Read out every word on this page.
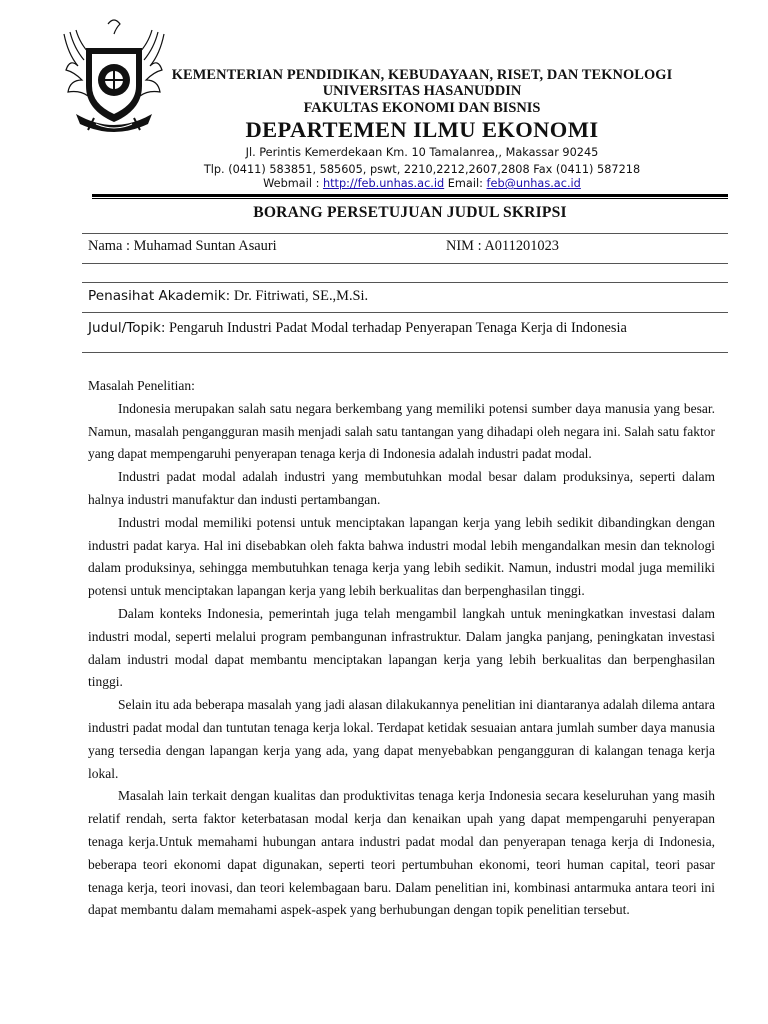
KEMENTERIAN PENDIDIKAN, KEBUDAYAAN, RISET, DAN TEKNOLOGI
UNIVERSITAS HASANUDDIN
FAKULTAS EKONOMI DAN BISNIS
DEPARTEMEN ILMU EKONOMI
Jl. Perintis Kemerdekaan Km. 10 Tamalanrea,, Makassar 90245
Tlp. (0411) 583851, 585605, pswt, 2210,2212,2607,2808 Fax (0411) 587218
Webmail : http://feb.unhas.ac.id Email: feb@unhas.ac.id
BORANG PERSETUJUAN JUDUL SKRIPSI
Nama : Muhamad Suntan Asauri	NIM : A011201023
Penasihat Akademik: Dr. Fitriwati, SE.,M.Si.
Judul/Topik: Pengaruh Industri Padat Modal terhadap Penyerapan Tenaga Kerja di Indonesia

Masalah Penelitian:

Indonesia merupakan salah satu negara berkembang yang memiliki potensi sumber daya manusia yang besar. Namun, masalah pengangguran masih menjadi salah satu tantangan yang dihadapi oleh negara ini. Salah satu faktor yang dapat mempengaruhi penyerapan tenaga kerja di Indonesia adalah industri padat modal.

Industri padat modal adalah industri yang membutuhkan modal besar dalam produksinya, seperti dalam halnya industri manufaktur dan industi pertambangan.

Industri modal memiliki potensi untuk menciptakan lapangan kerja yang lebih sedikit dibandingkan dengan industri padat karya. Hal ini disebabkan oleh fakta bahwa industri modal lebih mengandalkan mesin dan teknologi dalam produksinya, sehingga membutuhkan tenaga kerja yang lebih sedikit. Namun, industri modal juga memiliki potensi untuk menciptakan lapangan kerja yang lebih berkualitas dan berpenghasilan tinggi.

Dalam konteks Indonesia, pemerintah juga telah mengambil langkah untuk meningkatkan investasi dalam industri modal, seperti melalui program pembangunan infrastruktur. Dalam jangka panjang, peningkatan investasi dalam industri modal dapat membantu menciptakan lapangan kerja yang lebih berkualitas dan berpenghasilan tinggi.

Selain itu ada beberapa masalah yang jadi alasan dilakukannya penelitian ini diantaranya adalah dilema antara industri padat modal dan tuntutan tenaga kerja lokal. Terdapat ketidak sesuaian antara jumlah sumber daya manusia yang tersedia dengan lapangan kerja yang ada, yang dapat menyebabkan pengangguran di kalangan tenaga kerja lokal.

Masalah lain terkait dengan kualitas dan produktivitas tenaga kerja Indonesia secara keseluruhan yang masih relatif rendah, serta faktor keterbatasan modal kerja dan kenaikan upah yang dapat mempengaruhi penyerapan tenaga kerja.Untuk memahami hubungan antara industri padat modal dan penyerapan tenaga kerja di Indonesia, beberapa teori ekonomi dapat digunakan, seperti teori pertumbuhan ekonomi, teori human capital, teori pasar tenaga kerja, teori inovasi, dan teori kelembagaan baru. Dalam penelitian ini, kombinasi antarmuka antara teori ini dapat membantu dalam memahami aspek-aspek yang berhubungan dengan topik penelitian tersebut.
